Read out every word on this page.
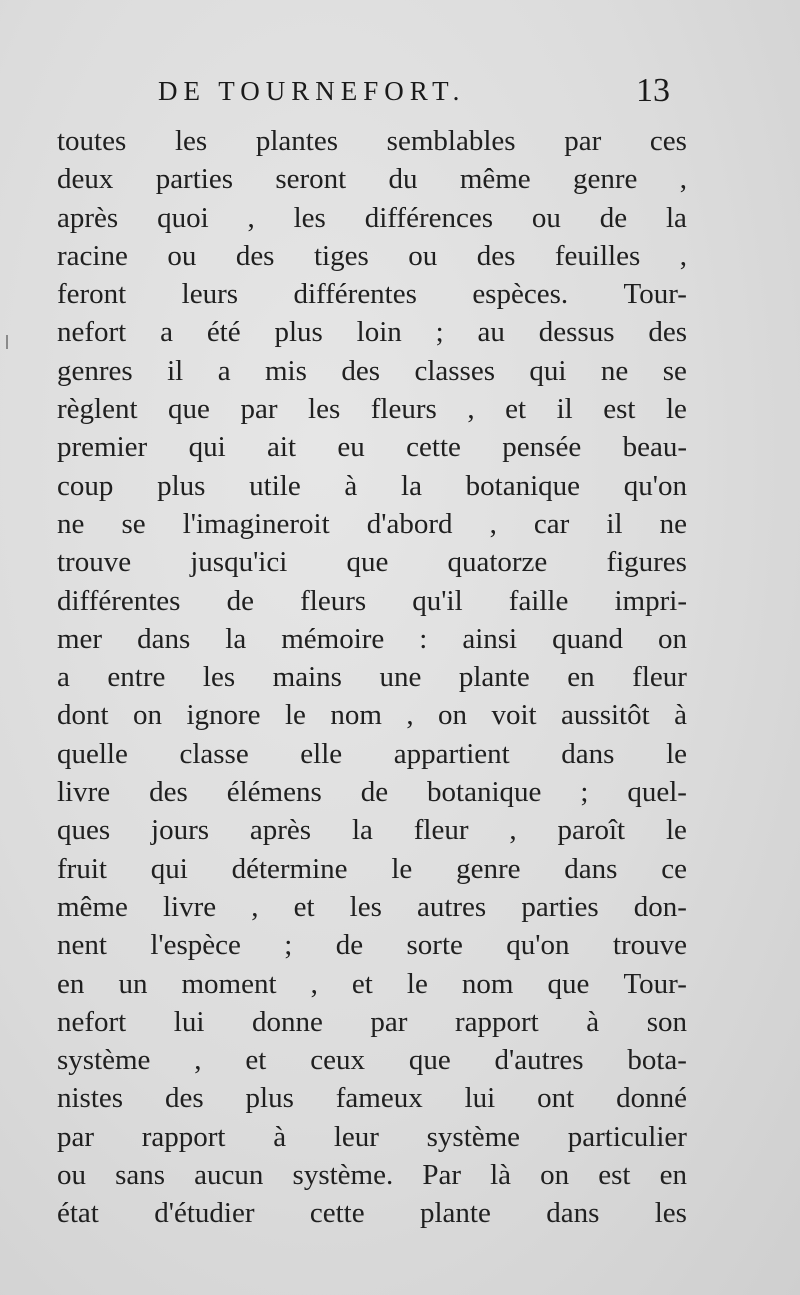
DE TOURNEFORT.	13
toutes les plantes semblables par ces
deux parties seront du même genre ,
après quoi , les différences ou de la
racine ou des tiges ou des feuilles ,
feront leurs différentes espèces. Tour-
nefort a été plus loin ; au dessus des
genres il a mis des classes qui ne se
règlent que par les fleurs , et il est le
premier qui ait eu cette pensée beau-
coup plus utile à la botanique qu'on
ne se l'imagineroit d'abord , car il ne
trouve jusqu'ici que quatorze figures
différentes de fleurs qu'il faille impri-
mer dans la mémoire : ainsi quand on
a entre les mains une plante en fleur
dont on ignore le nom , on voit aussitôt à
quelle classe elle appartient dans le
livre des élémens de botanique ; quel-
ques jours après la fleur , paroît le
fruit qui détermine le genre dans ce
même livre , et les autres parties don-
nent l'espèce ; de sorte qu'on trouve
en un moment , et le nom que Tour-
nefort lui donne par rapport à son
système , et ceux que d'autres bota-
nistes des plus fameux lui ont donné
par rapport à leur système particulier
ou sans aucun système. Par là on est en
état d'étudier cette plante dans les
